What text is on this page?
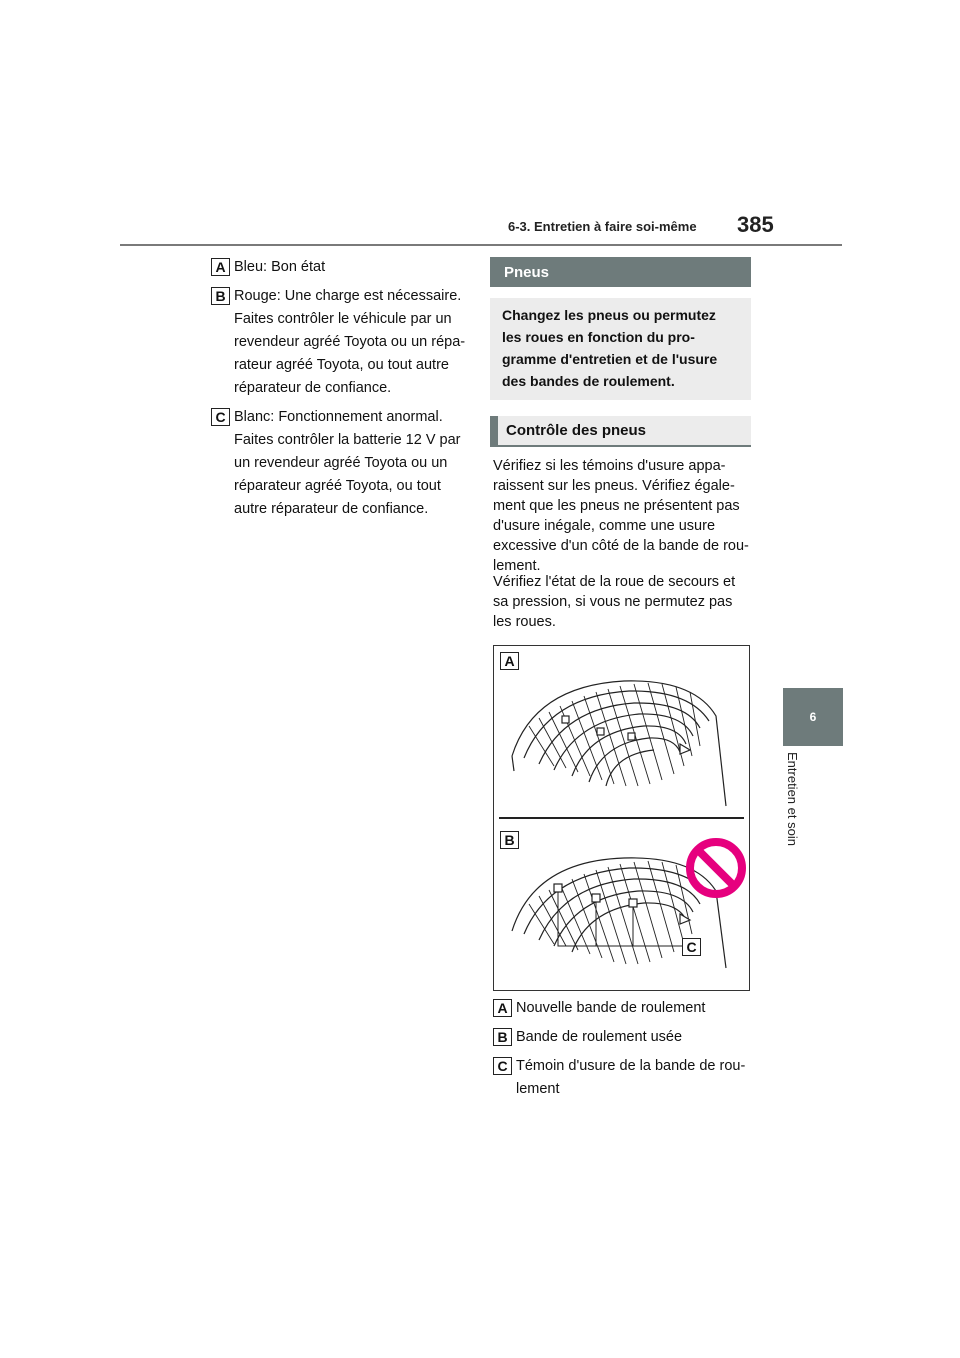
6-3. Entretien à faire soi-même 385
6
Entretien et soin
A Bleu: Bon état
B Rouge: Une charge est nécessaire. Faites contrôler le véhicule par un revendeur agréé Toyota ou un répa-rateur agréé Toyota, ou tout autre réparateur de confiance.
C Blanc: Fonctionnement anormal. Faites contrôler la batterie 12 V par un revendeur agréé Toyota ou un réparateur agréé Toyota, ou tout autre réparateur de confiance.
Pneus
Changez les pneus ou permutez les roues en fonction du pro-gramme d'entretien et de l'usure des bandes de roulement.
Contrôle des pneus

Vérifiez si les témoins d'usure appa-raissent sur les pneus. Vérifiez égale-ment que les pneus ne présentent pas d'usure inégale, comme une usure excessive d'un côté de la bande de rou-lement.

Vérifiez l'état de la roue de secours et sa pression, si vous ne permutez pas les roues.

A
B
C
A Nouvelle bande de roulement
B Bande de roulement usée
C Témoin d'usure de la bande de rou-lement
